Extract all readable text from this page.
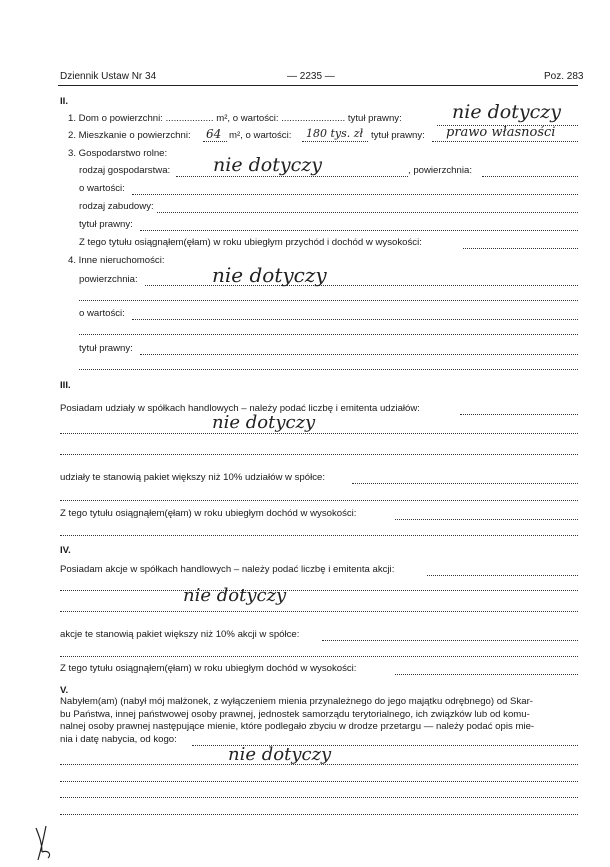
Dziennik Ustaw Nr 34	— 2235 —	Poz. 283
II.
1. Dom o powierzchni: .................. m², o wartości: ........................ tytuł prawny:	nie dotyczy
2. Mieszkanie o powierzchni: 64 m², o wartości: 180 tys. zł tytuł prawny: prawo własności
3. Gospodarstwo rolne:
rodzaj gospodarstwa: nie dotyczy	, powierzchnia:
o wartości:
rodzaj zabudowy:
tytuł prawny:
Z tego tytułu osiągnąłem(ęłam) w roku ubiegłym przychód i dochód w wysokości:
4. Inne nieruchomości:
powierzchnia:	nie dotyczy
o wartości:
tytuł prawny:
III.
Posiadam udziały w spółkach handlowych – należy podać liczbę i emitenta udziałów:
nie dotyczy
udziały te stanowią pakiet większy niż 10% udziałów w spółce:
Z tego tytułu osiągnąłem(ęłam) w roku ubiegłym dochód w wysokości:
IV.
Posiadam akcje w spółkach handlowych – należy podać liczbę i emitenta akcji:
nie dotyczy
akcje te stanowią pakiet większy niż 10% akcji w spółce:
Z tego tytułu osiągnąłem(ęłam) w roku ubiegłym dochód w wysokości:
V.
Nabyłem(am) (nabył mój małżonek, z wyłączeniem mienia przynależnego do jego majątku odrębnego) od Skar-
bu Państwa, innej państwowej osoby prawnej, jednostek samorządu terytorialnego, ich związków lub od komu-
nalnej osoby prawnej następujące mienie, które podlegało zbyciu w drodze przetargu — należy podać opis mie-
nia i datę nabycia, od kogo:
nie dotyczy
